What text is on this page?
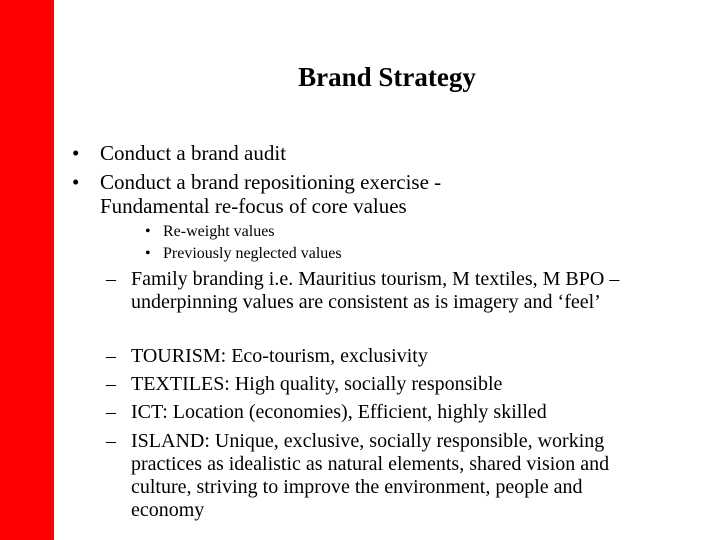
Brand Strategy
• Conduct a brand audit
• Conduct a brand repositioning exercise - Fundamental re-focus of core values
• Re-weight values
• Previously neglected values
– Family branding i.e. Mauritius tourism, M textiles, M BPO – underpinning values are consistent as is imagery and ‘feel’
– TOURISM: Eco-tourism, exclusivity
– TEXTILES: High quality, socially responsible
– ICT: Location (economies), Efficient, highly skilled
– ISLAND: Unique, exclusive, socially responsible, working practices as idealistic as natural elements, shared vision and culture, striving to improve the environment, people and economy
